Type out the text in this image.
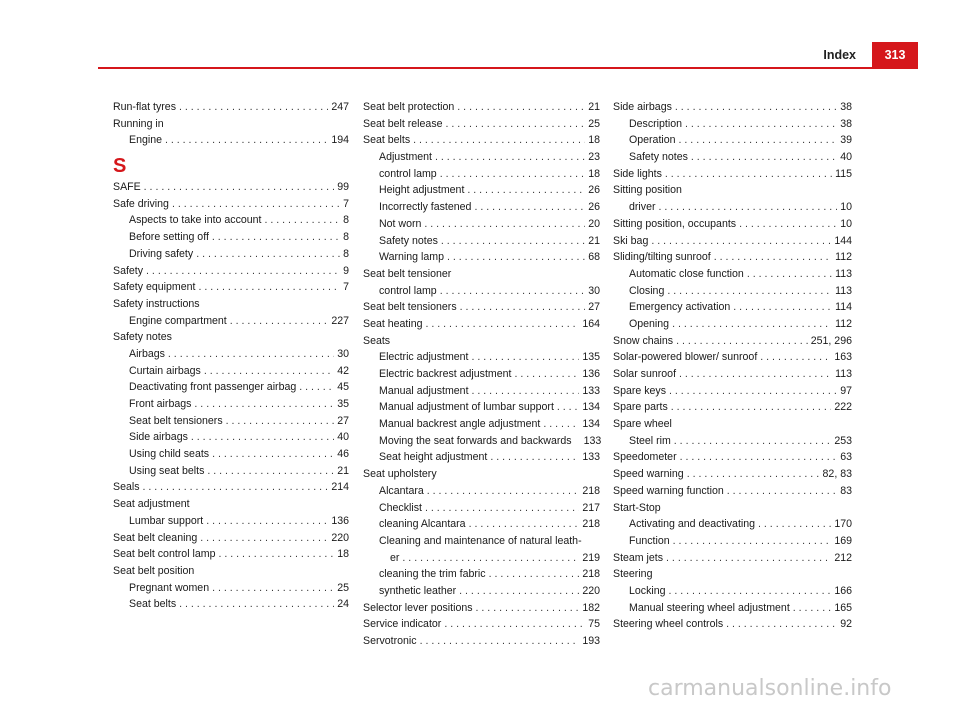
Index	313
Run-flat tyres . . .	247
Running in
Engine . . .	194
S
SAFE . . .	99
Safe driving . . .	7
Aspects to take into account . . .	8
Before setting off . . .	8
Driving safety . . .	8
Safety . . .	9
Safety equipment . . .	7
Safety instructions
Engine compartment . . .	227
Safety notes
Airbags . . .	30
Curtain airbags . . .	42
Deactivating front passenger airbag . . .	45
Front airbags . . .	35
Seat belt tensioners . . .	27
Side airbags . . .	40
Using child seats . . .	46
Using seat belts . . .	21
Seals . . .	214
Seat adjustment
Lumbar support . . .	136
Seat belt cleaning . . .	220
Seat belt control lamp . . .	18
Seat belt position
Pregnant women . . .	25
Seat belts . . .	24
Seat belt protection . . .	21
Seat belt release . . .	25
Seat belts . . .	18
Adjustment . . .	23
control lamp . . .	18
Height adjustment . . .	26
Incorrectly fastened . . .	26
Not worn . . .	20
Safety notes . . .	21
Warning lamp . . .	68
Seat belt tensioner
control lamp . . .	30
Seat belt tensioners . . .	27
Seat heating . . .	164
Seats
Electric adjustment . . .	135
Electric backrest adjustment . . .	136
Manual adjustment . . .	133
Manual adjustment of lumbar support . . .	134
Manual backrest angle adjustment . . .	134
Moving the seat forwards and backwards 133
Seat height adjustment . . .	133
Seat upholstery
Alcantara . . .	218
Checklist . . .	217
cleaning Alcantara . . .	218
Cleaning and maintenance of natural leath-
er . . .	219
cleaning the trim fabric . . .	218
synthetic leather . . .	220
Selector lever positions . . .	182
Service indicator . . .	75
Servotronic . . .	193
Side airbags . . .	38
Description . . .	38
Operation . . .	39
Safety notes . . .	40
Side lights . . .	115
Sitting position
driver . . .	10
Sitting position, occupants . . .	10
Ski bag . . .	144
Sliding/tilting sunroof . . .	112
Automatic close function . . .	113
Closing . . .	113
Emergency activation . . .	114
Opening . . .	112
Snow chains . . .	251, 296
Solar-powered blower/ sunroof . . .	163
Solar sunroof . . .	113
Spare keys . . .	97
Spare parts . . .	222
Spare wheel
Steel rim . . .	253
Speedometer . . .	63
Speed warning . . .	82, 83
Speed warning function . . .	83
Start-Stop
Activating and deactivating . . .	170
Function . . .	169
Steam jets . . .	212
Steering
Locking . . .	166
Manual steering wheel adjustment . . .	165
Steering wheel controls . . .	92
carmanualsonline.info
